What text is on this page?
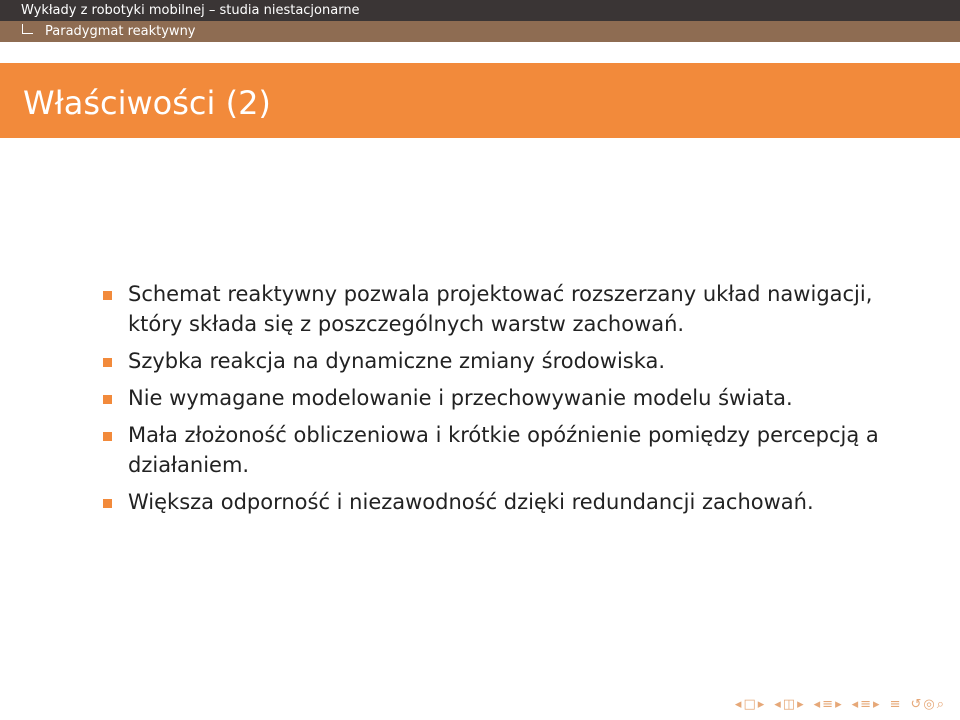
Wykłady z robotyki mobilnej – studia niestacjonarne
Paradygmat reaktywny
Właściwości (2)
Schemat reaktywny pozwala projektować rozszerzany układ nawigacji, który składa się z poszczególnych warstw zachowań.
Szybka reakcja na dynamiczne zmiany środowiska.
Nie wymagane modelowanie i przechowywanie modelu świata.
Mała złożoność obliczeniowa i krótkie opóźnienie pomiędzy percepcją a działaniem.
Większa odporność i niezawodność dzięki redundancji zachowań.
◂ □ ▸ ◂ ◫ ▸ ◂ ≡ ▸ ◂ ≡ ▸ ≡ ↺ ◎ ⌕
